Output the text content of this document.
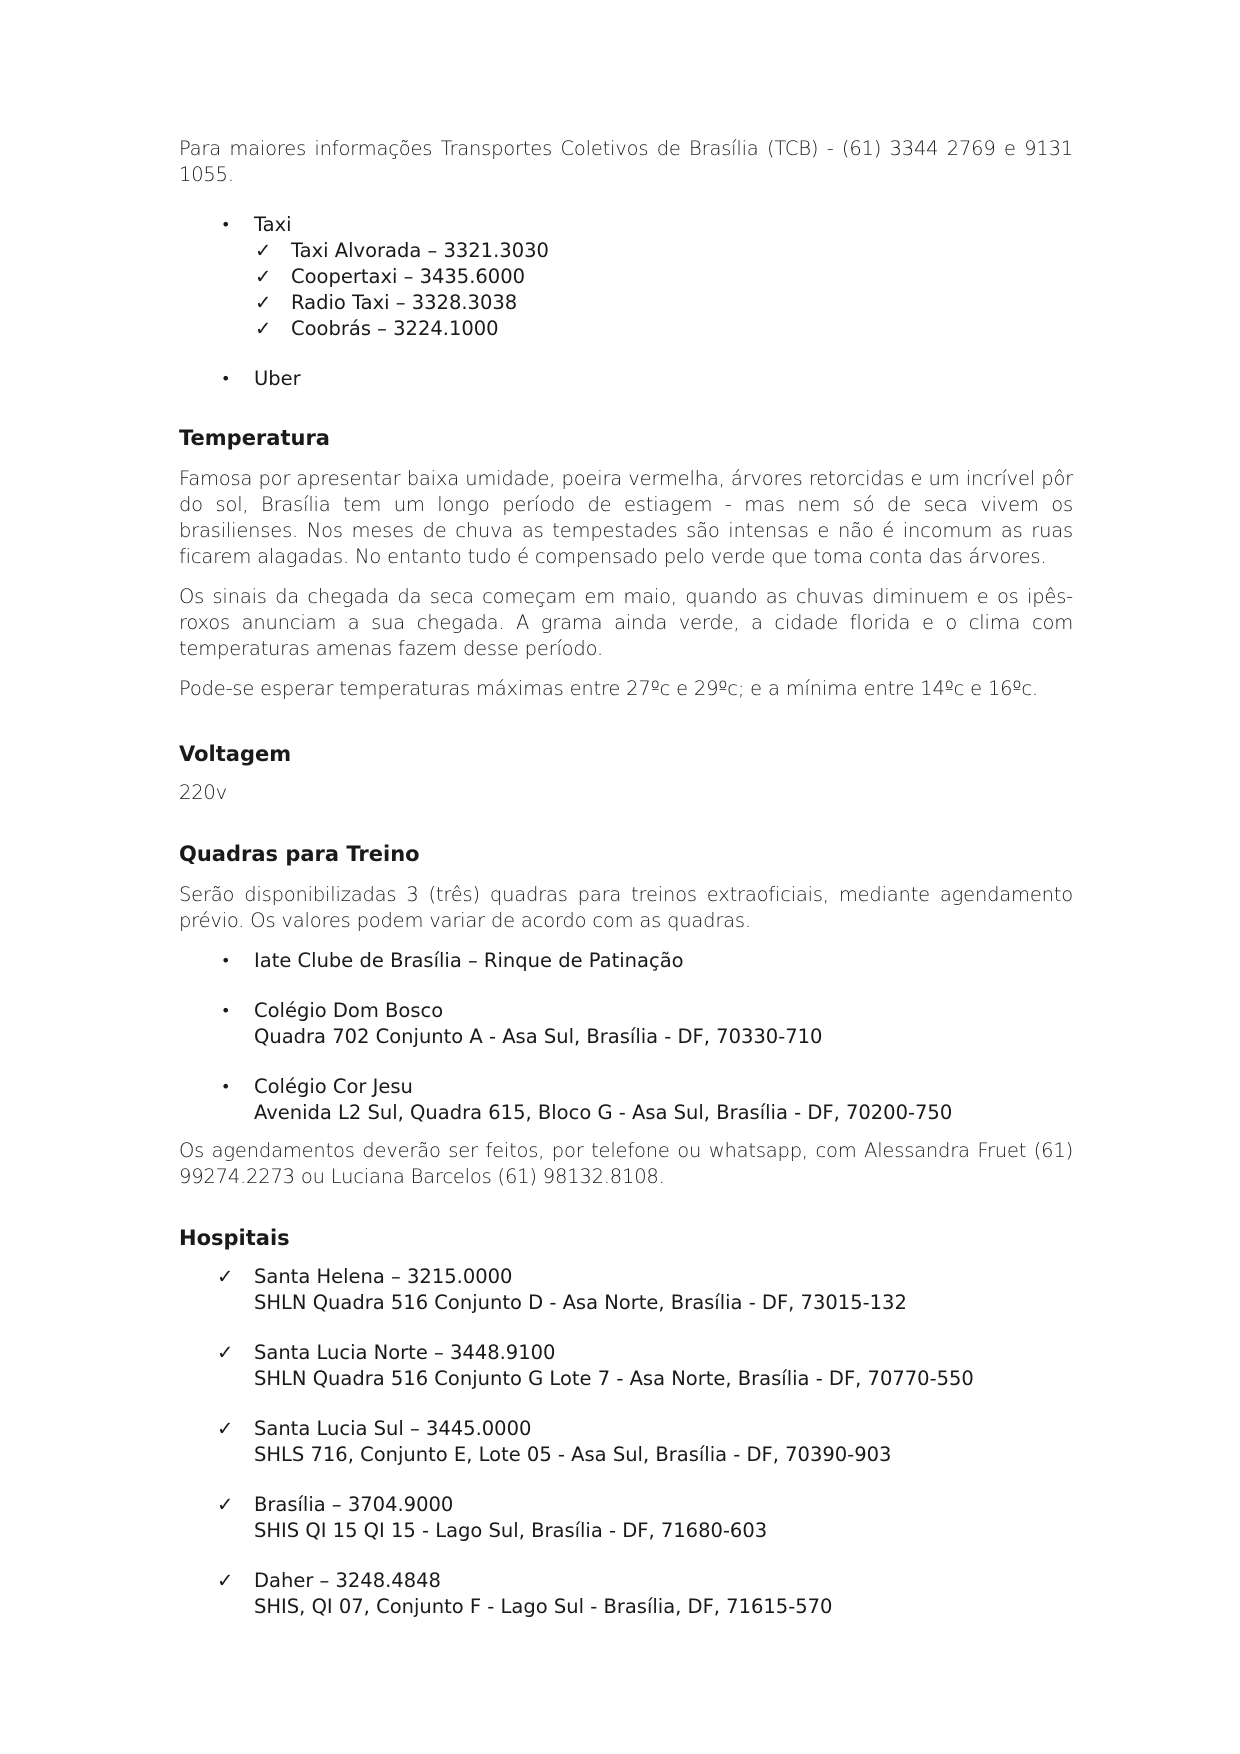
Para maiores informações Transportes Coletivos de Brasília (TCB) - (61) 3344 2769 e 9131 1055.

• Taxi
✓ Taxi Alvorada – 3321.3030
✓ Coopertaxi – 3435.6000
✓ Radio Taxi – 3328.3038
✓ Coobrás – 3224.1000
• Uber
Temperatura

Famosa por apresentar baixa umidade, poeira vermelha, árvores retorcidas e um incrível pôr do sol, Brasília tem um longo período de estiagem - mas nem só de seca vivem os brasilienses. Nos meses de chuva as tempestades são intensas e não é incomum as ruas ficarem alagadas. No entanto tudo é compensado pelo verde que toma conta das árvores.

Os sinais da chegada da seca começam em maio, quando as chuvas diminuem e os ipês-roxos anunciam a sua chegada. A grama ainda verde, a cidade florida e o clima com temperaturas amenas fazem desse período.

Pode-se esperar temperaturas máximas entre 27ºc e 29ºc; e a mínima entre 14ºc e 16ºc.

Voltagem

220v

Quadras para Treino

Serão disponibilizadas 3 (três) quadras para treinos extraoficiais, mediante agendamento prévio. Os valores podem variar de acordo com as quadras.

• Iate Clube de Brasília – Rinque de Patinação
• Colégio Dom Bosco
Quadra 702 Conjunto A - Asa Sul, Brasília - DF, 70330-710
• Colégio Cor Jesu
Avenida L2 Sul, Quadra 615, Bloco G - Asa Sul, Brasília - DF, 70200-750

Os agendamentos deverão ser feitos, por telefone ou whatsapp, com Alessandra Fruet (61) 99274.2273 ou Luciana Barcelos (61) 98132.8108.

Hospitais
✓ Santa Helena – 3215.0000
SHLN Quadra 516 Conjunto D - Asa Norte, Brasília - DF, 73015-132
✓ Santa Lucia Norte – 3448.9100
SHLN Quadra 516 Conjunto G Lote 7 - Asa Norte, Brasília - DF, 70770-550
✓ Santa Lucia Sul – 3445.0000
SHLS 716, Conjunto E, Lote 05 - Asa Sul, Brasília - DF, 70390-903
✓ Brasília – 3704.9000
SHIS QI 15 QI 15 - Lago Sul, Brasília - DF, 71680-603
✓ Daher – 3248.4848
SHIS, QI 07, Conjunto F - Lago Sul - Brasília, DF, 71615-570
